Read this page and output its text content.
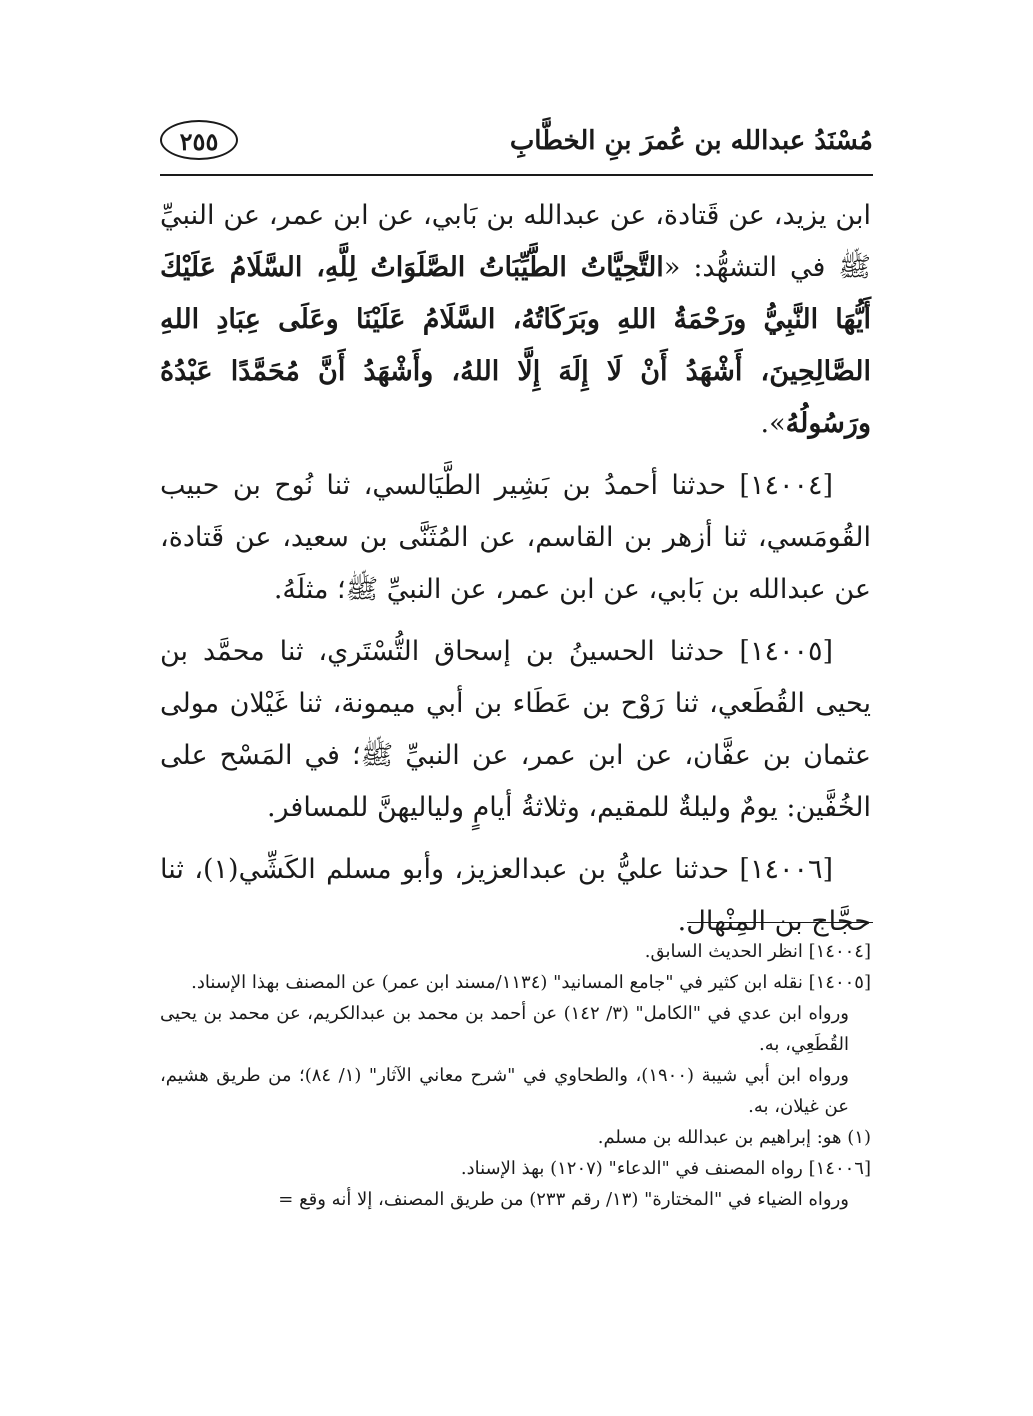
مُسْنَدُ عبدالله بن عُمرَ بنِ الخطَّابِ
٢٥٥

ابن يزيد، عن قَتادة، عن عبدالله بن بَابي، عن ابن عمر، عن النبيِّ ﷺ في التشهُّد: «التَّحِيَّاتُ الطَّيِّبَاتُ الصَّلَوَاتُ لِلَّهِ، السَّلَامُ عَلَيْكَ أَيُّهَا النَّبِيُّ ورَحْمَةُ اللهِ وبَرَكَاتُهُ، السَّلَامُ عَلَيْنَا وعَلَى عِبَادِ اللهِ الصَّالِحِينَ، أَشْهَدُ أَنْ لَا إِلَهَ إِلَّا اللهُ، وأَشْهَدُ أَنَّ مُحَمَّدًا عَبْدُهُ ورَسُولُهُ».

[١٤٠٠٤] حدثنا أحمدُ بن بَشِير الطَّيَالسي، ثنا نُوح بن حبيب القُومَسي، ثنا أزهر بن القاسم، عن المُثَنَّى بن سعيد، عن قَتادة، عن عبدالله بن بَابي، عن ابن عمر، عن النبيِّ ﷺ؛ مثلَهُ.

[١٤٠٠٥] حدثنا الحسينُ بن إسحاق التُّسْتَري، ثنا محمَّد بن يحيى القُطَعي، ثنا رَوْح بن عَطَاء بن أبي ميمونة، ثنا غَيْلان مولى عثمان بن عفَّان، عن ابن عمر، عن النبيِّ ﷺ؛ في المَسْح على الخُفَّين: يومٌ وليلةٌ للمقيم، وثلاثةُ أيامٍ ولياليهنَّ للمسافر.

[١٤٠٠٦] حدثنا عليُّ بن عبدالعزيز، وأبو مسلم الكَشِّي(١)، ثنا حجَّاج بن المِنْهال.

[١٤٠٠٤] انظر الحديث السابق.

[١٤٠٠٥] نقله ابن كثير في "جامع المسانيد" (١١٣٤/مسند ابن عمر) عن المصنف بهذا الإسناد.

ورواه ابن عدي في "الكامل" (٣/ ١٤٢) عن أحمد بن محمد بن عبدالكريم، عن محمد بن يحيى القُطَعِي، به.

ورواه ابن أبي شيبة (١٩٠٠)، والطحاوي في "شرح معاني الآثار" (١/ ٨٤)؛ من طريق هشيم، عن غيلان، به.

(١) هو: إبراهيم بن عبدالله بن مسلم.

[١٤٠٠٦] رواه المصنف في "الدعاء" (١٢٠٧) بهذ الإسناد.

ورواه الضياء في "المختارة" (١٣/ رقم ٢٣٣) من طريق المصنف، إلا أنه وقع =
